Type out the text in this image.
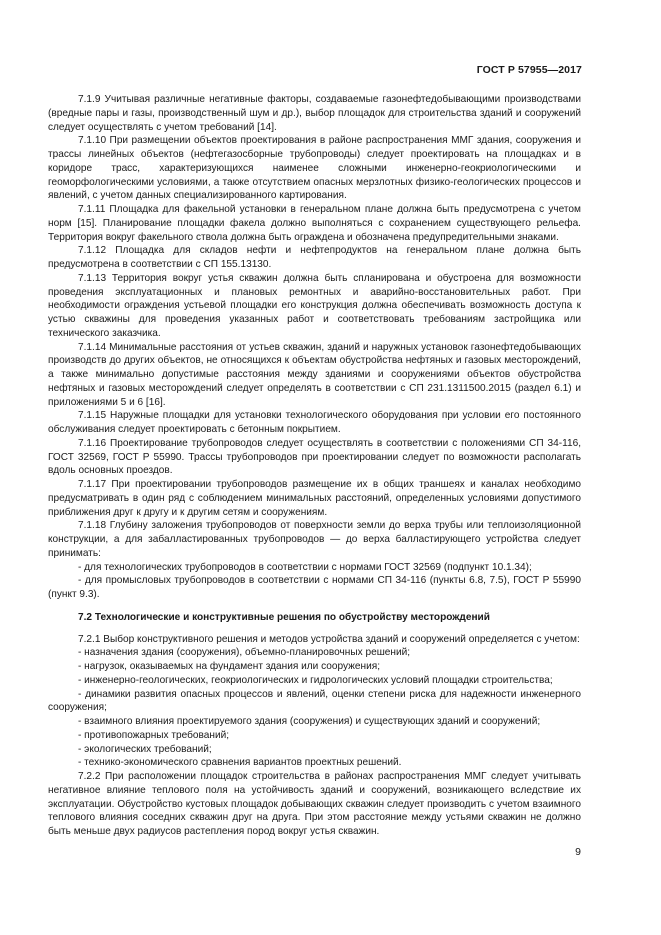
ГОСТ Р 57955—2017

7.1.9 Учитывая различные негативные факторы, создаваемые газонефтедобывающими производствами (вредные пары и газы, производственный шум и др.), выбор площадок для строительства зданий и сооружений следует осуществлять с учетом требований [14].

7.1.10 При размещении объектов проектирования в районе распространения ММГ здания, сооружения и трассы линейных объектов (нефтегазосборные трубопроводы) следует проектировать на площадках и в коридоре трасс, характеризующихся наименее сложными инженерно-геокриологическими и геоморфологическими условиями, а также отсутствием опасных мерзлотных физико-геологических процессов и явлений, с учетом данных специализированного картирования.

7.1.11 Площадка для факельной установки в генеральном плане должна быть предусмотрена с учетом норм [15]. Планирование площадки факела должно выполняться с сохранением существующего рельефа. Территория вокруг факельного ствола должна быть ограждена и обозначена предупредительными знаками.

7.1.12 Площадка для складов нефти и нефтепродуктов на генеральном плане должна быть предусмотрена в соответствии с СП 155.13130.

7.1.13 Территория вокруг устья скважин должна быть спланирована и обустроена для возможности проведения эксплуатационных и плановых ремонтных и аварийно-восстановительных работ. При необходимости ограждения устьевой площадки его конструкция должна обеспечивать возможность доступа к устью скважины для проведения указанных работ и соответствовать требованиям застройщика или технического заказчика.

7.1.14 Минимальные расстояния от устьев скважин, зданий и наружных установок газонефтедобывающих производств до других объектов, не относящихся к объектам обустройства нефтяных и газовых месторождений, а также минимально допустимые расстояния между зданиями и сооружениями объектов обустройства нефтяных и газовых месторождений следует определять в соответствии с СП 231.1311500.2015 (раздел 6.1) и приложениями 5 и 6 [16].

7.1.15 Наружные площадки для установки технологического оборудования при условии его постоянного обслуживания следует проектировать с бетонным покрытием.

7.1.16 Проектирование трубопроводов следует осуществлять в соответствии с положениями СП 34-116, ГОСТ 32569, ГОСТ Р 55990. Трассы трубопроводов при проектировании следует по возможности располагать вдоль основных проездов.

7.1.17 При проектировании трубопроводов размещение их в общих траншеях и каналах необходимо предусматривать в один ряд с соблюдением минимальных расстояний, определенных условиями допустимого приближения друг к другу и к другим сетям и сооружениям.

7.1.18 Глубину заложения трубопроводов от поверхности земли до верха трубы или теплоизоляционной конструкции, а для забалластированных трубопроводов — до верха балластирующего устройства следует принимать:

- для технологических трубопроводов в соответствии с нормами ГОСТ 32569 (подпункт 10.1.34);

- для промысловых трубопроводов в соответствии с нормами СП 34-116 (пункты 6.8, 7.5), ГОСТ Р 55990 (пункт 9.3).

7.2 Технологические и конструктивные решения по обустройству месторождений

7.2.1 Выбор конструктивного решения и методов устройства зданий и сооружений определяется с учетом:

- назначения здания (сооружения), объемно-планировочных решений;

- нагрузок, оказываемых на фундамент здания или сооружения;

- инженерно-геологических, геокриологических и гидрологических условий площадки строительства;

- динамики развития опасных процессов и явлений, оценки степени риска для надежности инженерного сооружения;

- взаимного влияния проектируемого здания (сооружения) и существующих зданий и сооружений;

- противопожарных требований;

- экологических требований;

- технико-экономического сравнения вариантов проектных решений.

7.2.2 При расположении площадок строительства в районах распространения ММГ следует учитывать негативное влияние теплового поля на устойчивость зданий и сооружений, возникающего вследствие их эксплуатации. Обустройство кустовых площадок добывающих скважин следует производить с учетом взаимного теплового влияния соседних скважин друг на друга. При этом расстояние между устьями скважин не должно быть меньше двух радиусов растепления пород вокруг устья скважин.

9
